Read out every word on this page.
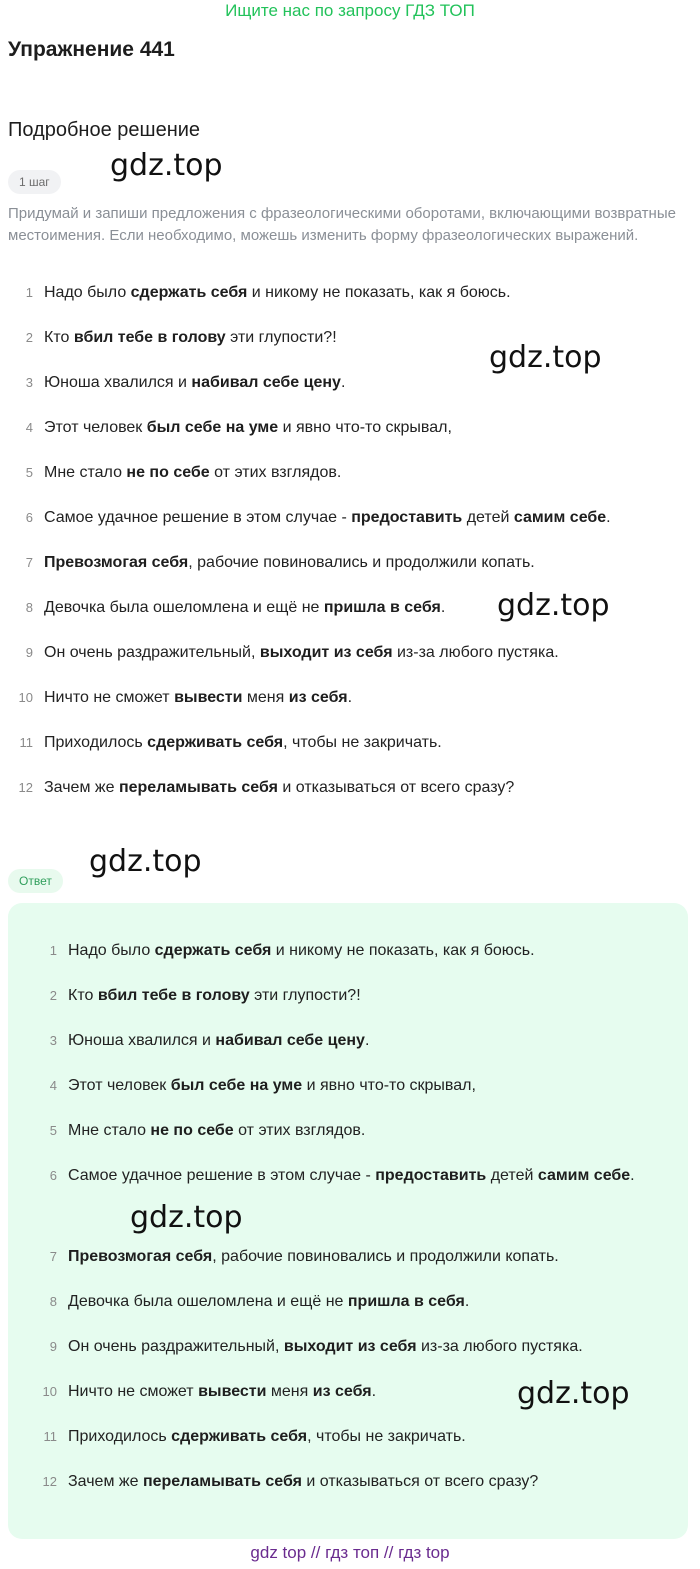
Ищите нас по запросу ГДЗ ТОП
Упражнение 441
Подробное решение
1 шаг

Придумай и запиши предложения с фразеологическими оборотами, включающими возвратные местоимения. Если необходимо, можешь изменить форму фразеологических выражений.

1 Надо было сдержать себя и никому не показать, как я боюсь.
2 Кто вбил тебе в голову эти глупости?!
3 Юноша хвалился и набивал себе цену.
4 Этот человек был себе на уме и явно что-то скрывал,
5 Мне стало не по себе от этих взглядов.
6 Самое удачное решение в этом случае - предоставить детей самим себе.
7 Превозмогая себя, рабочие повиновались и продолжили копать.
8 Девочка была ошеломлена и ещё не пришла в себя.
9 Он очень раздражительный, выходит из себя из-за любого пустяка.
10 Ничто не сможет вывести меня из себя.
11 Приходилось сдерживать себя, чтобы не закричать.
12 Зачем же переламывать себя и отказываться от всего сразу?
Ответ
1 Надо было сдержать себя и никому не показать, как я боюсь.
2 Кто вбил тебе в голову эти глупости?!
3 Юноша хвалился и набивал себе цену.
4 Этот человек был себе на уме и явно что-то скрывал,
5 Мне стало не по себе от этих взглядов.
6 Самое удачное решение в этом случае - предоставить детей самим себе.
7 Превозмогая себя, рабочие повиновались и продолжили копать.
8 Девочка была ошеломлена и ещё не пришла в себя.
9 Он очень раздражительный, выходит из себя из-за любого пустяка.
10 Ничто не сможет вывести меня из себя.
11 Приходилось сдерживать себя, чтобы не закричать.
12 Зачем же переламывать себя и отказываться от всего сразу?
gdz.top
gdz.top
gdz.top
gdz.top
gdz.top
gdz.top
gdz top // гдз топ // гдз top
